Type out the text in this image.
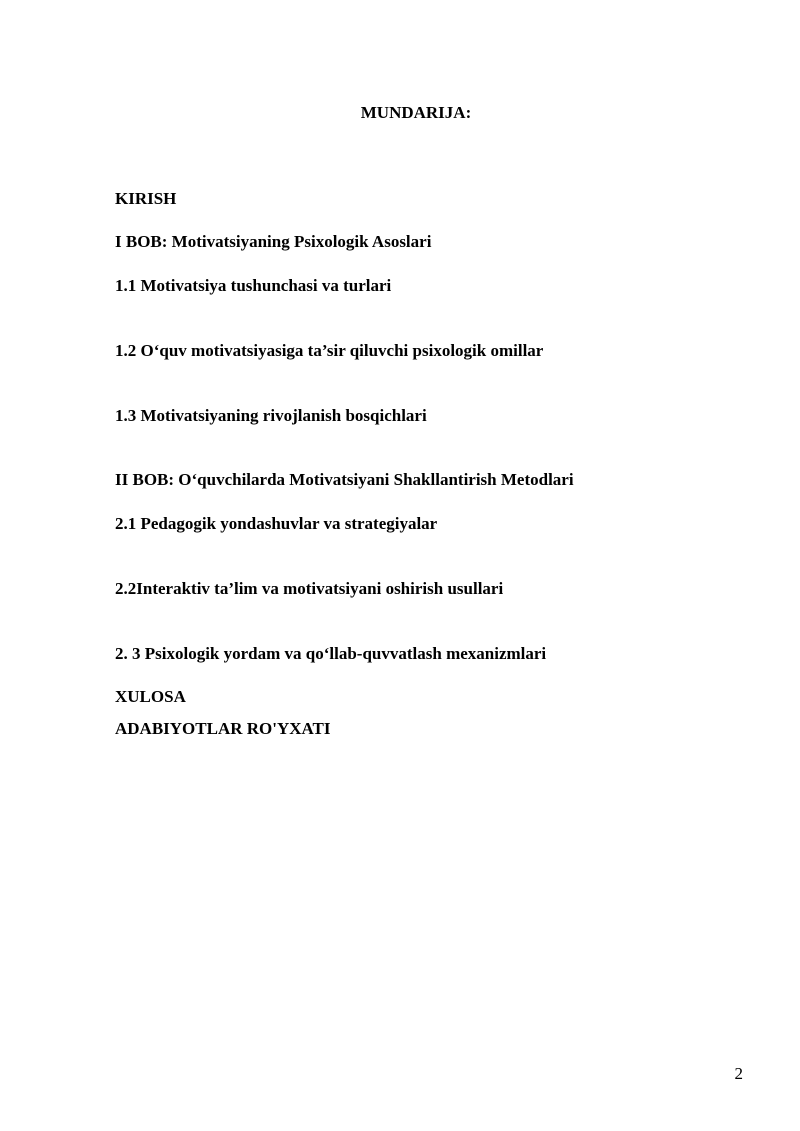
MUNDARIJA:
KIRISH
I BOB: Motivatsiyaning Psixologik Asoslari
1.1 Motivatsiya tushunchasi va turlari
1.2 O‘quv motivatsiyasiga ta’sir qiluvchi psixologik omillar
1.3 Motivatsiyaning rivojlanish bosqichlari
II BOB: O‘quvchilarda Motivatsiyani Shakllantirish Metodlari
2.1 Pedagogik yondashuvlar va strategiyalar
2.2Interaktiv ta’lim va motivatsiyani oshirish usullari
2. 3 Psixologik yordam va qo‘llab-quvvatlash mexanizmlari
XULOSA
ADABIYOTLAR RO'YXATI
2
